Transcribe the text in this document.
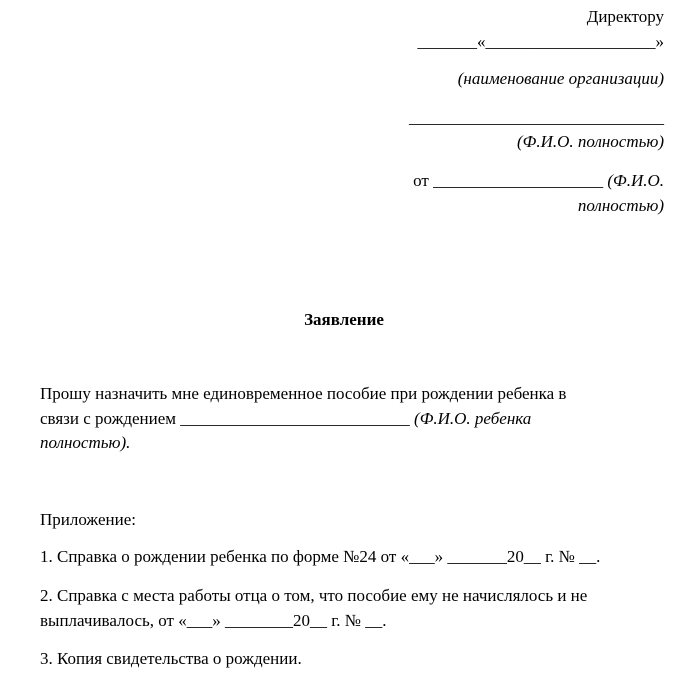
Директору
_______«____________________»
(наименование организации)
______________________________
(Ф.И.О. полностью)
от ____________________ (Ф.И.О.
полностью)
Заявление
Прошу назначить мне единовременное пособие при рождении ребенка в
связи с рождением ___________________________ (Ф.И.О. ребенка
полностью).
Приложение:
1. Справка о рождении ребенка по форме №24 от «___» _______20__ г. № __.
2. Справка с места работы отца о том, что пособие ему не начислялось и не
выплачивалось, от «___» ________20__ г. № __.
3. Копия свидетельства о рождении.
